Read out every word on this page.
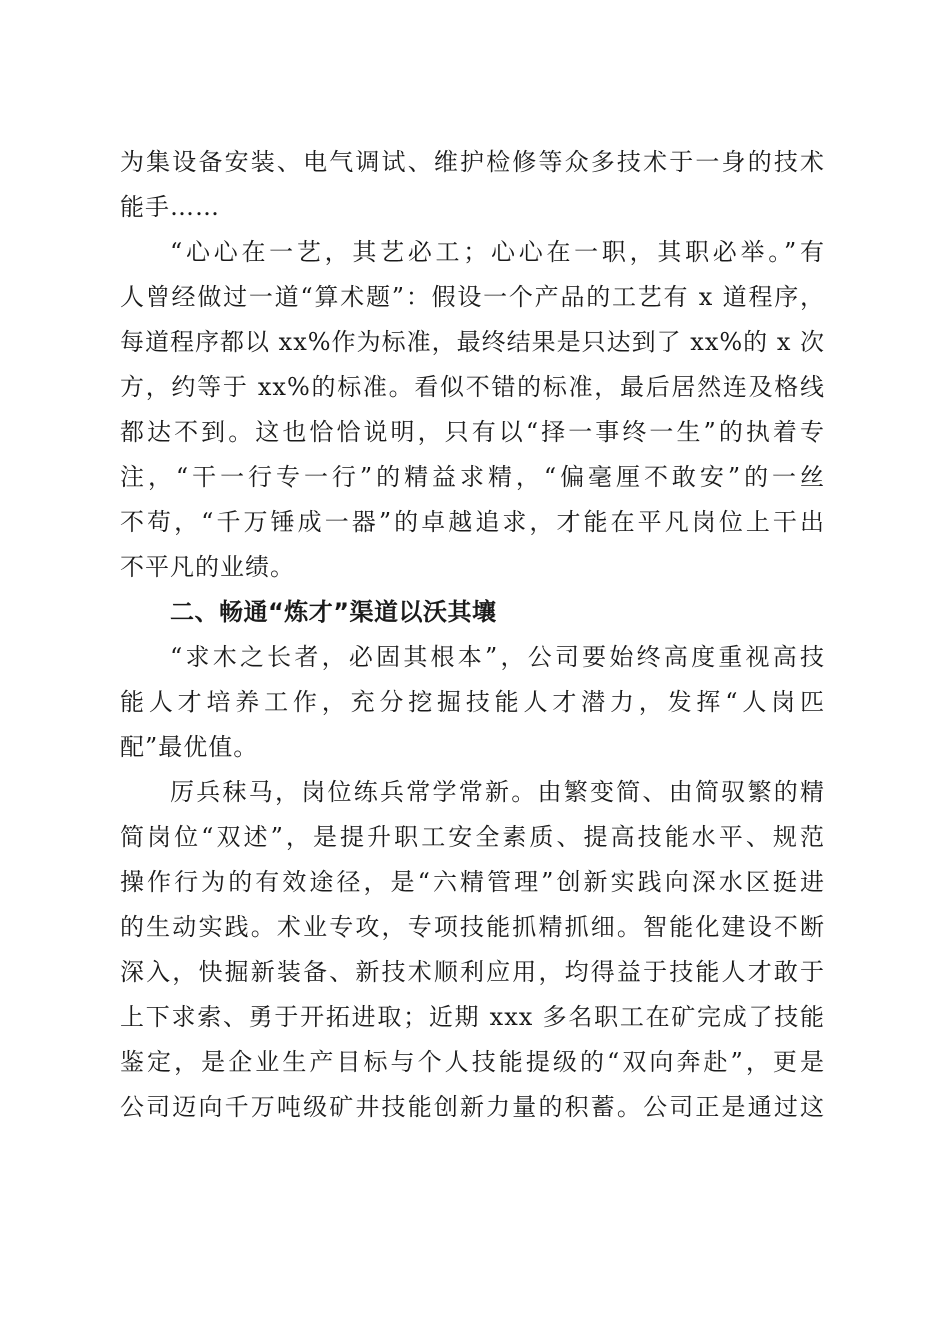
为集设备安装、电气调试、维护检修等众多技术于一身的技术
能手……
“心心在一艺，其艺必工；心心在一职，其职必举。”有
人曾经做过一道“算术题”：假设一个产品的工艺有 x 道程序，
每道程序都以 xx%作为标准，最终结果是只达到了 xx%的 x 次
方，约等于 xx%的标准。看似不错的标准，最后居然连及格线
都达不到。这也恰恰说明，只有以“择一事终一生”的执着专
注，“干一行专一行”的精益求精，“偏毫厘不敢安”的一丝
不苟，“千万锤成一器”的卓越追求，才能在平凡岗位上干出
不平凡的业绩。
二、畅通“炼才”渠道以沃其壤
“求木之长者，必固其根本”，公司要始终高度重视高技
能人才培养工作，充分挖掘技能人才潜力，发挥“人岗匹
配”最优值。
厉兵秣马，岗位练兵常学常新。由繁变简、由简驭繁的精
简岗位“双述”，是提升职工安全素质、提高技能水平、规范
操作行为的有效途径，是“六精管理”创新实践向深水区挺进
的生动实践。术业专攻，专项技能抓精抓细。智能化建设不断
深入，快掘新装备、新技术顺利应用，均得益于技能人才敢于
上下求索、勇于开拓进取；近期 xxx 多名职工在矿完成了技能
鉴定，是企业生产目标与个人技能提级的“双向奔赴”，更是
公司迈向千万吨级矿井技能创新力量的积蓄。公司正是通过这
